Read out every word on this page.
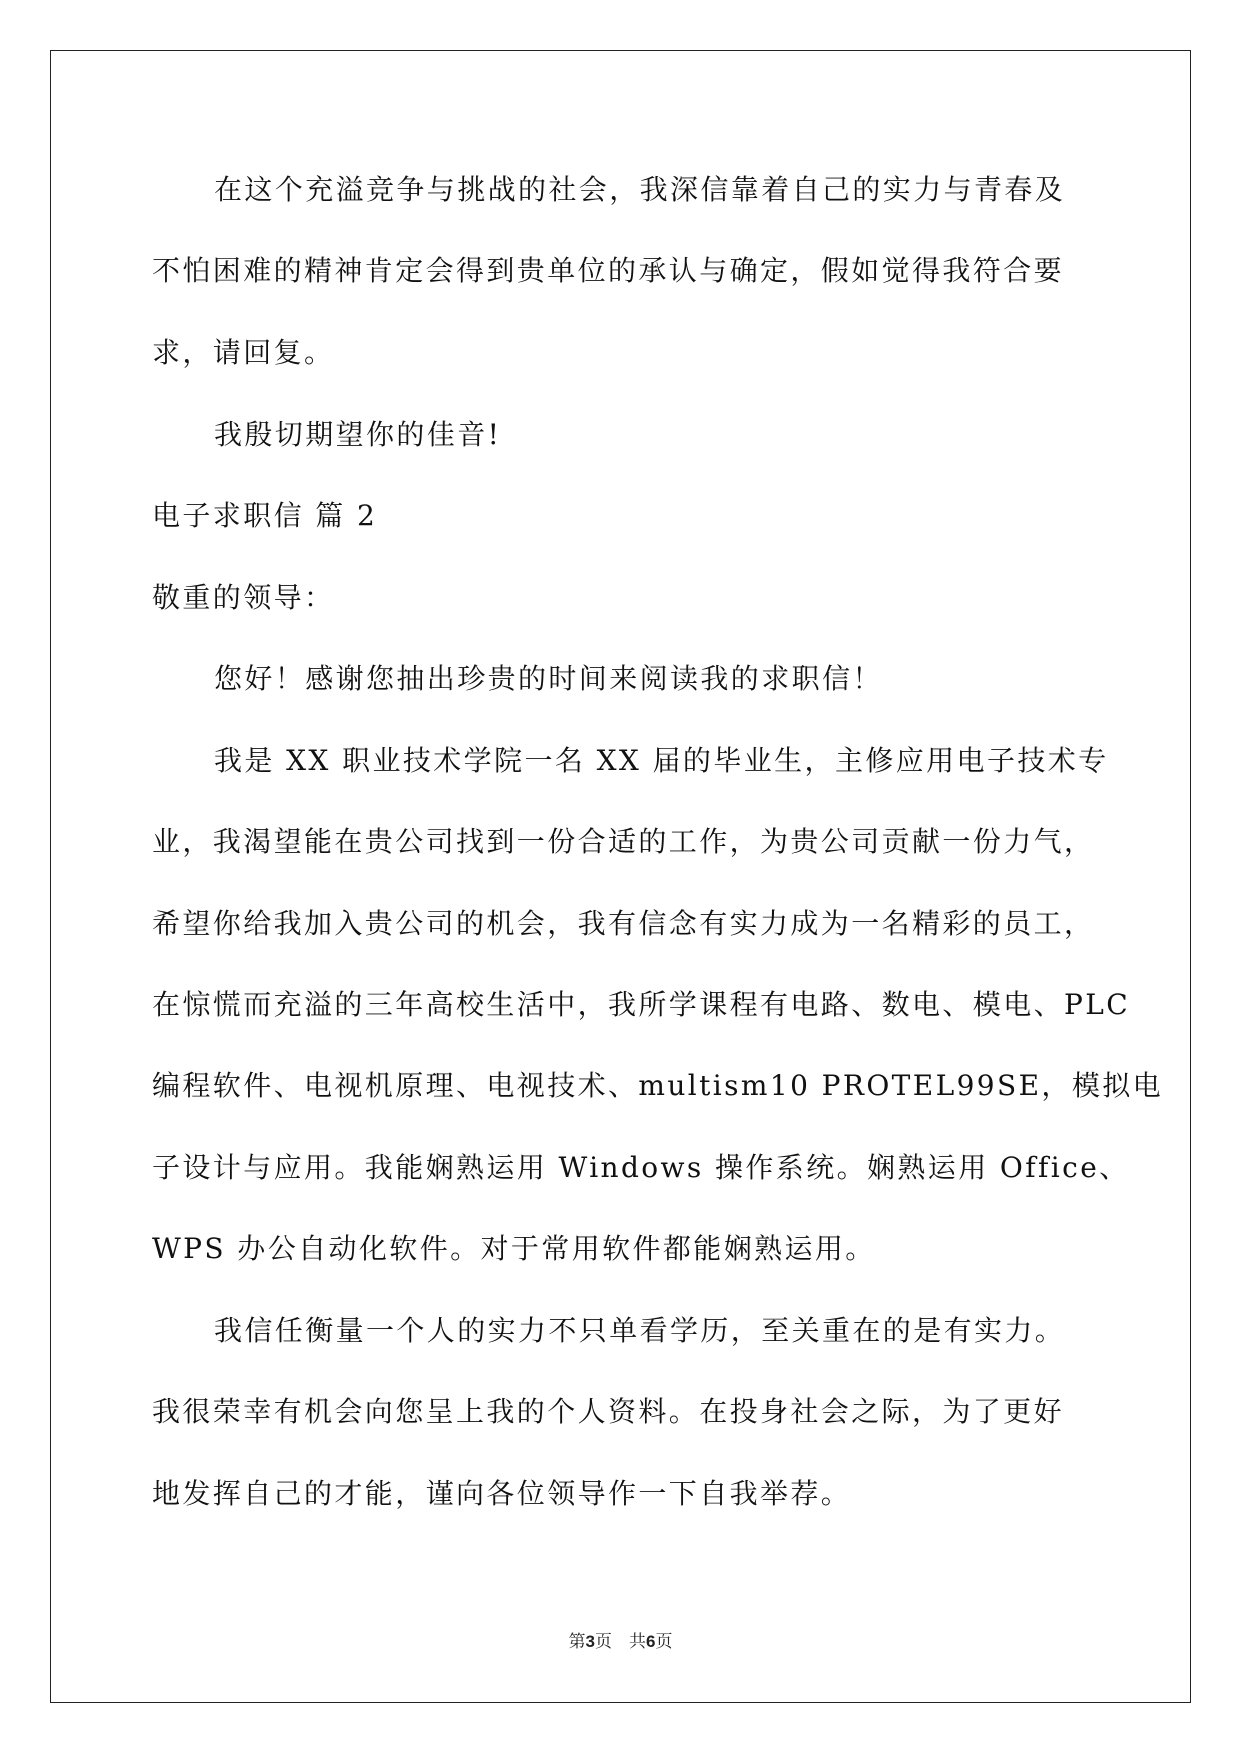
在这个充溢竞争与挑战的社会，我深信靠着自己的实力与青春及
不怕困难的精神肯定会得到贵单位的承认与确定，假如觉得我符合要
求，请回复。
我殷切期望你的佳音!
电子求职信 篇 2
敬重的领导：
您好！感谢您抽出珍贵的时间来阅读我的求职信！
我是 XX 职业技术学院一名 XX 届的毕业生，主修应用电子技术专
业，我渴望能在贵公司找到一份合适的工作，为贵公司贡献一份力气，
希望你给我加入贵公司的机会，我有信念有实力成为一名精彩的员工，
在惊慌而充溢的三年高校生活中，我所学课程有电路、数电、模电、PLC
编程软件、电视机原理、电视技术、multism10 PROTEL99SE，模拟电
子设计与应用。我能娴熟运用 Windows 操作系统。娴熟运用 Office、
WPS 办公自动化软件。对于常用软件都能娴熟运用。
我信任衡量一个人的实力不只单看学历，至关重在的是有实力。
我很荣幸有机会向您呈上我的个人资料。在投身社会之际，为了更好
地发挥自己的才能，谨向各位领导作一下自我举荐。
第3页　共6页
